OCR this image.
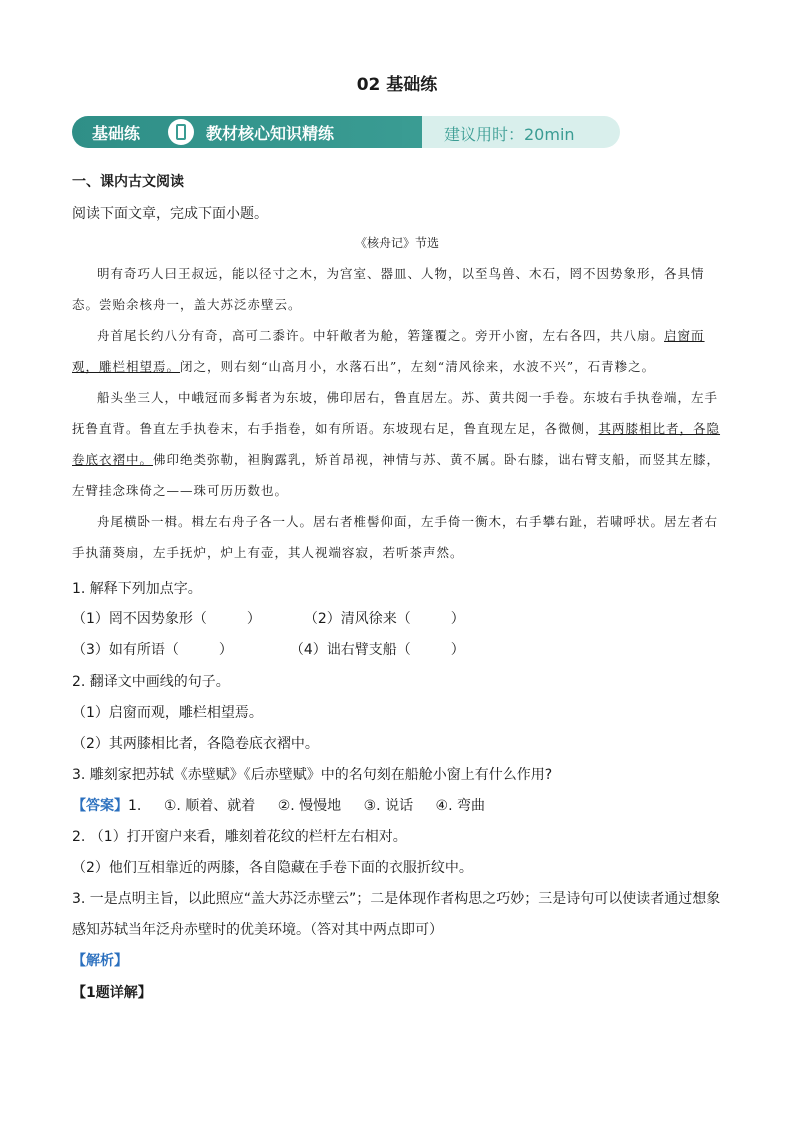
02 基础练
基础练	教材核心知识精练	建议用时：20min
一、课内古文阅读
阅读下面文章，完成下面小题。
《核舟记》节选
明有奇巧人曰王叔远，能以径寸之木，为宫室、器皿、人物，以至鸟兽、木石，罔不因势象形，各具情态。尝贻余核舟一，盖大苏泛赤壁云。
舟首尾长约八分有奇，高可二黍许。中轩敞者为舱，箬篷覆之。旁开小窗，左右各四，共八扇。启窗而观，雕栏相望焉。闭之，则右刻“山高月小，水落石出”，左刻“清风徐来，水波不兴”，石青糁之。
船头坐三人，中峨冠而多髯者为东坡，佛印居右，鲁直居左。苏、黄共阅一手卷。东坡右手执卷端，左手抚鲁直背。鲁直左手执卷末，右手指卷，如有所语。东坡现右足，鲁直现左足，各微侧，其两膝相比者，各隐卷底衣褶中。佛印绝类弥勒，袒胸露乳，矫首昂视，神情与苏、黄不属。卧右膝，诎右臂支船，而竖其左膝，左臂挂念珠倚之——珠可历历数也。
舟尾横卧一楫。楫左右舟子各一人。居右者椎髻仰面，左手倚一衡木，右手攀右趾，若啸呼状。居左者右手执蒲葵扇，左手抚炉，炉上有壶，其人视端容寂，若听茶声然。
1. 解释下列加点字。
（1）罔不因势象形（	）	（2）清风徐来（	）
（3）如有所语（	）	（4）诎右臂支船（	）
2. 翻译文中画线的句子。
（1）启窗而观，雕栏相望焉。
（2）其两膝相比者，各隐卷底衣褶中。
3. 雕刻家把苏轼《赤壁赋》《后赤壁赋》中的名句刻在船舱小窗上有什么作用?
【答案】1. ①. 顺着、就着 ②. 慢慢地 ③. 说话 ④. 弯曲
2. （1）打开窗户来看，雕刻着花纹的栏杆左右相对。
（2）他们互相靠近的两膝，各自隐藏在手卷下面的衣服折纹中。
3. 一是点明主旨，以此照应“盖大苏泛赤壁云”；二是体现作者构思之巧妙；三是诗句可以使读者通过想象
感知苏轼当年泛舟赤壁时的优美环境。（答对其中两点即可）
【解析】
【1题详解】
